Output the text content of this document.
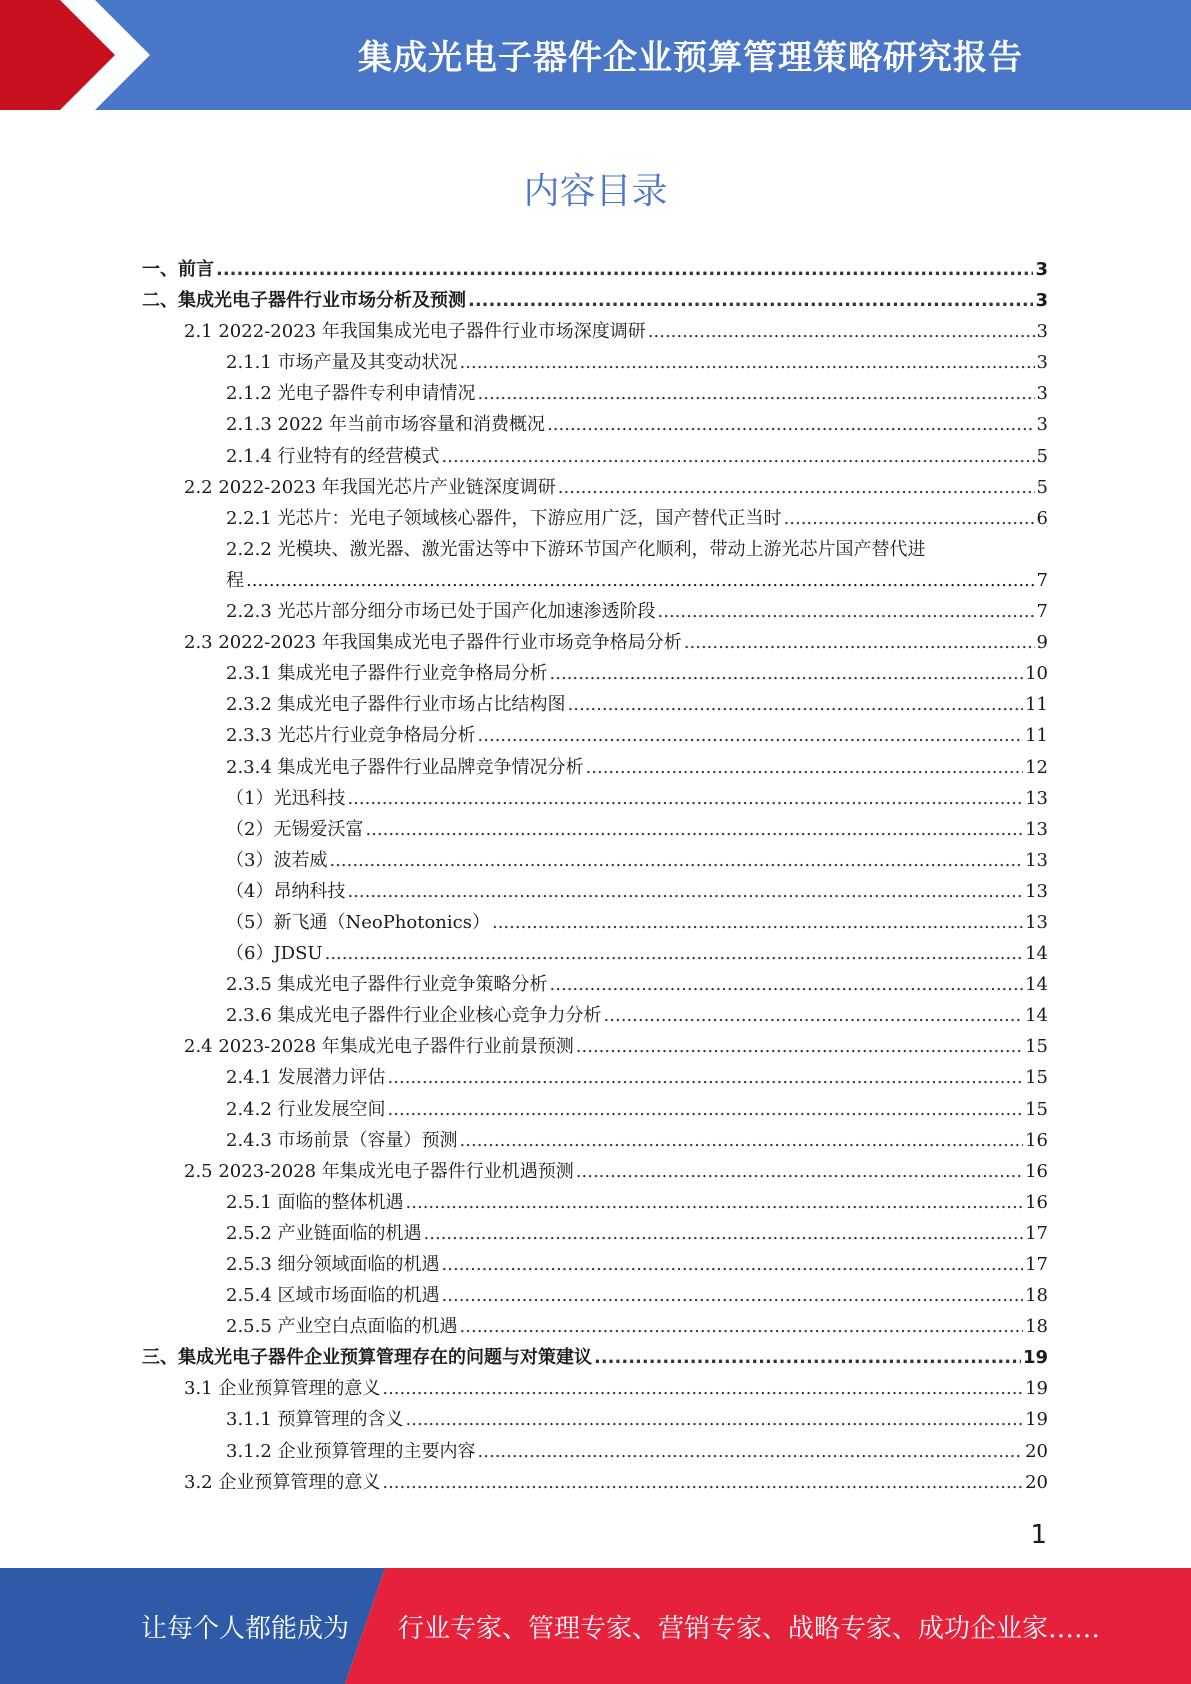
集成光电子器件企业预算管理策略研究报告
内容目录
一、前言 .....	3
二、集成光电子器件行业市场分析及预测 .....	3
2.1 2022-2023 年我国集成光电子器件行业市场深度调研 .....	3
2.1.1 市场产量及其变动状况 .....	3
2.1.2 光电子器件专利申请情况 .....	3
2.1.3 2022 年当前市场容量和消费概况 .....	3
2.1.4 行业特有的经营模式 .....	5
2.2 2022-2023 年我国光芯片产业链深度调研 .....	5
2.2.1 光芯片：光电子领域核心器件，下游应用广泛，国产替代正当时 .....	6
2.2.2 光模块、激光器、激光雷达等中下游环节国产化顺利，带动上游光芯片国产替代进
程 .....	7
2.2.3 光芯片部分细分市场已处于国产化加速渗透阶段 .....	7
2.3 2022-2023 年我国集成光电子器件行业市场竞争格局分析 .....	9
2.3.1 集成光电子器件行业竞争格局分析 .....	10
2.3.2 集成光电子器件行业市场占比结构图 .....	11
2.3.3 光芯片行业竞争格局分析 .....	11
2.3.4 集成光电子器件行业品牌竞争情况分析 .....	12
（1）光迅科技 .....	13
（2）无锡爱沃富 .....	13
（3）波若威 .....	13
（4）昂纳科技 .....	13
（5）新飞通（NeoPhotonics） .....	13
（6）JDSU .....	14
2.3.5 集成光电子器件行业竞争策略分析 .....	14
2.3.6 集成光电子器件行业企业核心竞争力分析 .....	14
2.4 2023-2028 年集成光电子器件行业前景预测 .....	15
2.4.1 发展潜力评估 .....	15
2.4.2 行业发展空间 .....	15
2.4.3 市场前景（容量）预测 .....	16
2.5 2023-2028 年集成光电子器件行业机遇预测 .....	16
2.5.1 面临的整体机遇 .....	16
2.5.2 产业链面临的机遇 .....	17
2.5.3 细分领域面临的机遇 .....	17
2.5.4 区域市场面临的机遇 .....	18
2.5.5 产业空白点面临的机遇 .....	18
三、集成光电子器件企业预算管理存在的问题与对策建议 .....	19
3.1 企业预算管理的意义 .....	19
3.1.1 预算管理的含义 .....	19
3.1.2 企业预算管理的主要内容 .....	20
3.2 企业预算管理的意义 .....	20
1
让每个人都能成为 行业专家、管理专家、营销专家、战略专家、成功企业家……
